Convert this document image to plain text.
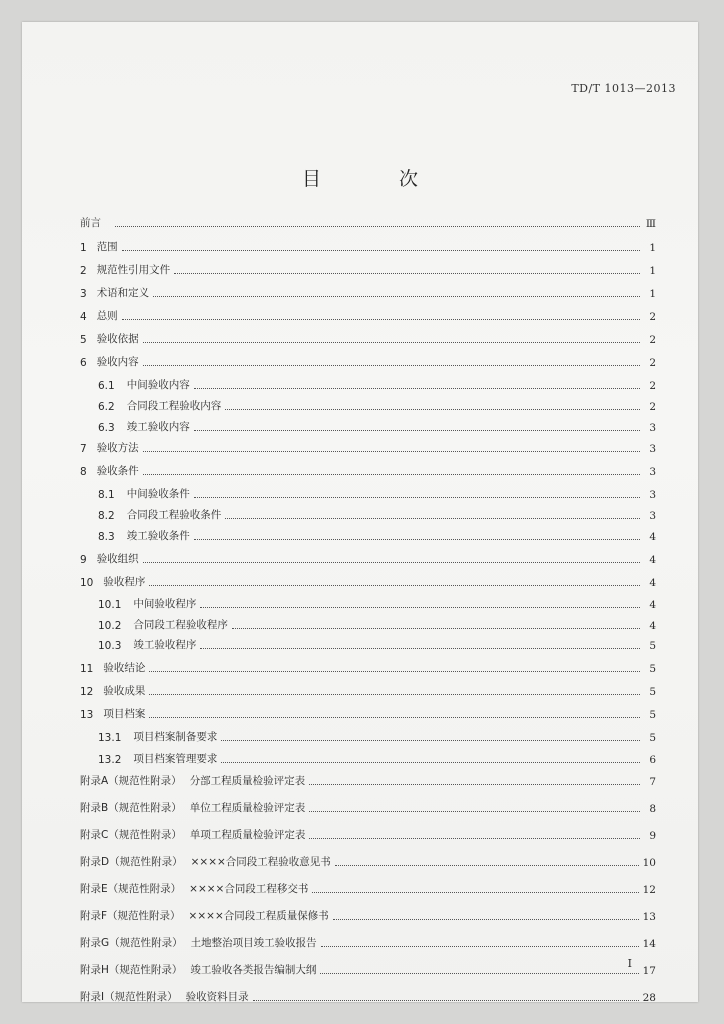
TD/T 1013—2013
目 次
前言	Ⅲ
1 范围	1
2 规范性引用文件	1
3 术语和定义	1
4 总则	2
5 验收依据	2
6 验收内容	2
6.1 中间验收内容	2
6.2 合同段工程验收内容	2
6.3 竣工验收内容	3
7 验收方法	3
8 验收条件	3
8.1 中间验收条件	3
8.2 合同段工程验收条件	3
8.3 竣工验收条件	4
9 验收组织	4
10 验收程序	4
10.1 中间验收程序	4
10.2 合同段工程验收程序	4
10.3 竣工验收程序	5
11 验收结论	5
12 验收成果	5
13 项目档案	5
13.1 项目档案制备要求	5
13.2 项目档案管理要求	6
附录A（规范性附录） 分部工程质量检验评定表	7
附录B（规范性附录） 单位工程质量检验评定表	8
附录C（规范性附录） 单项工程质量检验评定表	9
附录D（规范性附录） ××××合同段工程验收意见书	10
附录E（规范性附录） ××××合同段工程移交书	12
附录F（规范性附录） ××××合同段工程质量保修书	13
附录G（规范性附录） 土地整治项目竣工验收报告	14
附录H（规范性附录） 竣工验收各类报告编制大纲	17
附录I（规范性附录） 验收资料目录	28
I
